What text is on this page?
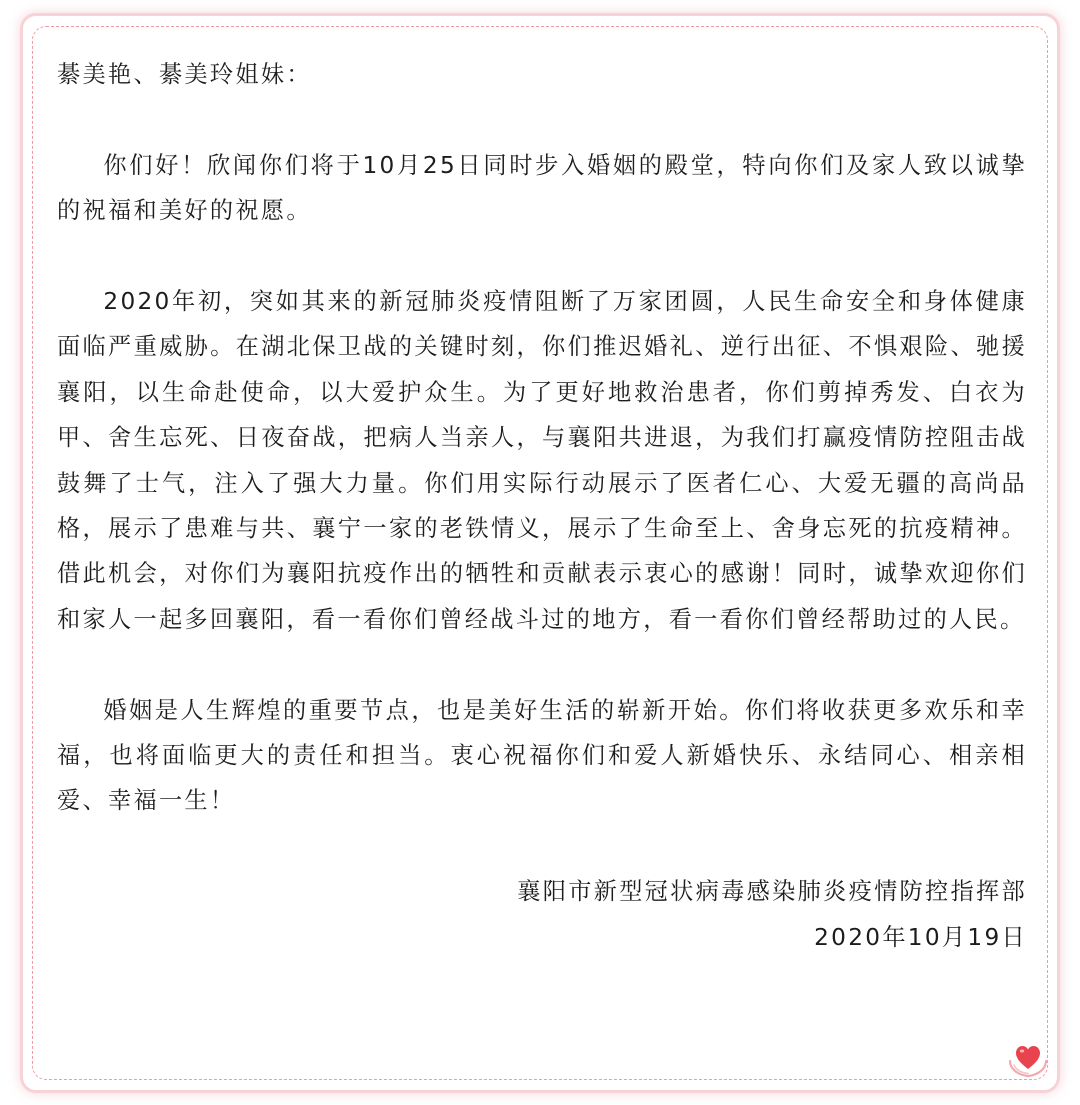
綦美艳、綦美玲姐妹：

你们好！欣闻你们将于10月25日同时步入婚姻的殿堂，特向你们及家人致以诚挚的祝福和美好的祝愿。

2020年初，突如其来的新冠肺炎疫情阻断了万家团圆，人民生命安全和身体健康面临严重威胁。在湖北保卫战的关键时刻，你们推迟婚礼、逆行出征、不惧艰险、驰援襄阳，以生命赴使命，以大爱护众生。为了更好地救治患者，你们剪掉秀发、白衣为甲、舍生忘死、日夜奋战，把病人当亲人，与襄阳共进退，为我们打赢疫情防控阻击战鼓舞了士气，注入了强大力量。你们用实际行动展示了医者仁心、大爱无疆的高尚品格，展示了患难与共、襄宁一家的老铁情义，展示了生命至上、舍身忘死的抗疫精神。借此机会，对你们为襄阳抗疫作出的牺牲和贡献表示衷心的感谢！同时，诚挚欢迎你们和家人一起多回襄阳，看一看你们曾经战斗过的地方，看一看你们曾经帮助过的人民。

婚姻是人生辉煌的重要节点，也是美好生活的崭新开始。你们将收获更多欢乐和幸福，也将面临更大的责任和担当。衷心祝福你们和爱人新婚快乐、永结同心、相亲相爱、幸福一生！

襄阳市新型冠状病毒感染肺炎疫情防控指挥部
2020年10月19日
